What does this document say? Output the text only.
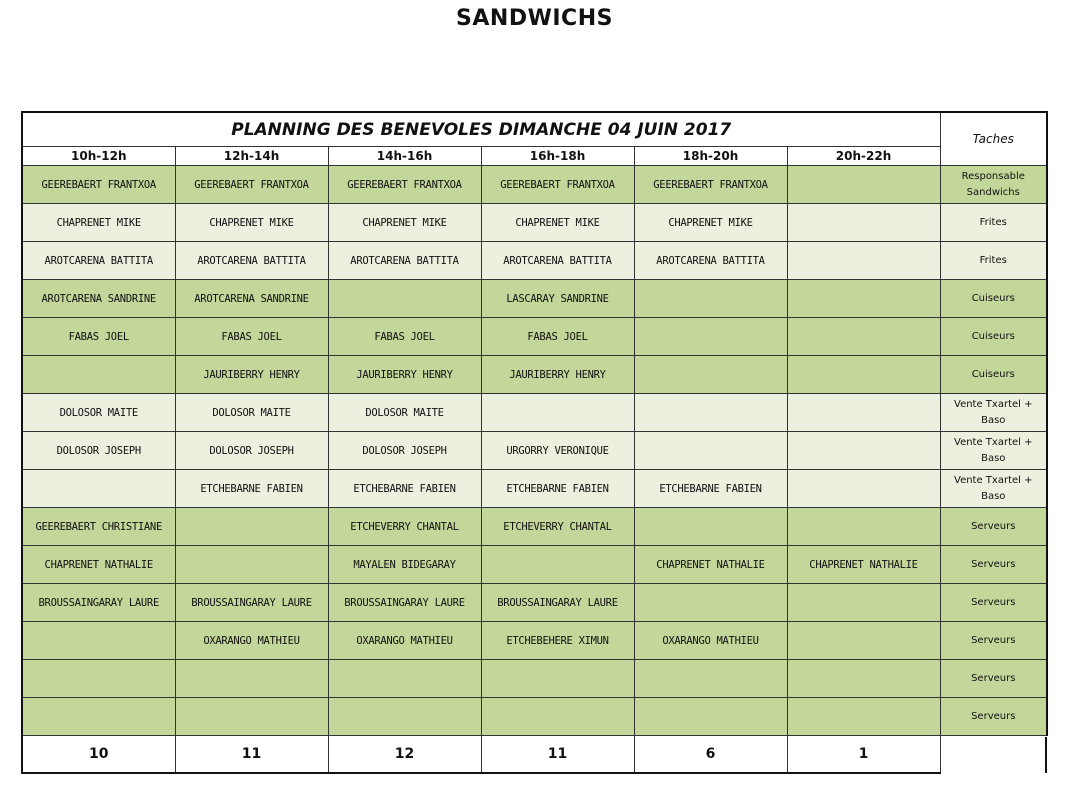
SANDWICHS
PLANNING DES BENEVOLES DIMANCHE 04 JUIN 2017						Taches
10h-12h	12h-14h	14h-16h	16h-18h	18h-20h	20h-22h	
GEEREBAERT FRANTXOA	GEEREBAERT FRANTXOA	GEEREBAERT FRANTXOA	GEEREBAERT FRANTXOA	GEEREBAERT FRANTXOA		Responsable Sandwichs
CHAPRENET MIKE	CHAPRENET MIKE	CHAPRENET MIKE	CHAPRENET MIKE	CHAPRENET MIKE		Frites
AROTCARENA BATTITA	AROTCARENA BATTITA	AROTCARENA BATTITA	AROTCARENA BATTITA	AROTCARENA BATTITA		Frites
AROTCARENA SANDRINE	AROTCARENA SANDRINE		LASCARAY SANDRINE			Cuiseurs
FABAS JOEL	FABAS JOEL	FABAS JOEL	FABAS JOEL			Cuiseurs
	JAURIBERRY HENRY	JAURIBERRY HENRY	JAURIBERRY HENRY			Cuiseurs
DOLOSOR MAITE	DOLOSOR MAITE	DOLOSOR MAITE				Vente Txartel + Baso
DOLOSOR JOSEPH	DOLOSOR JOSEPH	DOLOSOR JOSEPH	URGORRY VERONIQUE			Vente Txartel + Baso
	ETCHEBARNE FABIEN	ETCHEBARNE FABIEN	ETCHEBARNE FABIEN	ETCHEBARNE FABIEN		Vente Txartel + Baso
GEEREBAERT CHRISTIANE		ETCHEVERRY CHANTAL	ETCHEVERRY CHANTAL			Serveurs
CHAPRENET NATHALIE		MAYALEN BIDEGARAY		CHAPRENET NATHALIE	CHAPRENET NATHALIE	Serveurs
BROUSSAINGARAY LAURE	BROUSSAINGARAY LAURE	BROUSSAINGARAY LAURE	BROUSSAINGARAY LAURE			Serveurs
	OXARANGO MATHIEU	OXARANGO MATHIEU	ETCHEBEHERE XIMUN	OXARANGO MATHIEU		Serveurs
						Serveurs
						Serveurs
10	11	12	11	6	1	
